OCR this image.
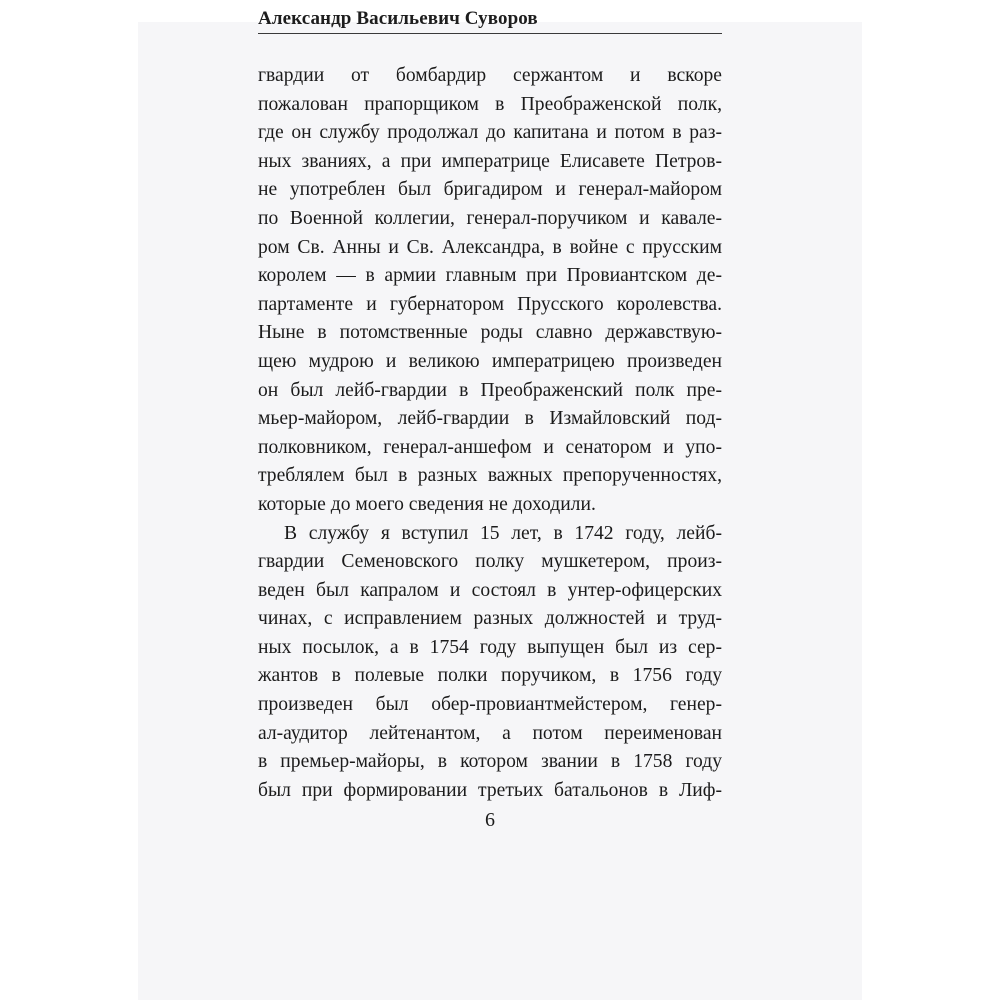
Александр Васильевич Суворов
гвардии от бомбардир сержантом и вскоре
пожалован прапорщиком в Преображенской полк,
где он службу продолжал до капитана и потом в раз-
ных званиях, а при императрице Елисавете Петров-
не употреблен был бригадиром и генерал-майором
по Военной коллегии, генерал-поручиком и кавале-
ром Св. Анны и Св. Александра, в войне с прусским
королем — в армии главным при Провиантском де-
партаменте и губернатором Прусского королевства.
Ныне в потомственные роды славно державствую-
щею мудрою и великою императрицею произведен
он был лейб-гвардии в Преображенский полк пре-
мьер-майором, лейб-гвардии в Измайловский под-
полковником, генерал-аншефом и сенатором и упо-
треблялем был в разных важных препорученностях,
которые до моего сведения не доходили.
В службу я вступил 15 лет, в 1742 году, лейб-
гвардии Семеновского полку мушкетером, произ-
веден был капралом и состоял в унтер-офицерских
чинах, с исправлением разных должностей и труд-
ных посылок, а в 1754 году выпущен был из сер-
жантов в полевые полки поручиком, в 1756 году
произведен был обер-провиантмейстером, генер-
ал-аудитор лейтенантом, а потом переименован
в премьер-майоры, в котором звании в 1758 году
был при формировании третьих батальонов в Лиф-
6
